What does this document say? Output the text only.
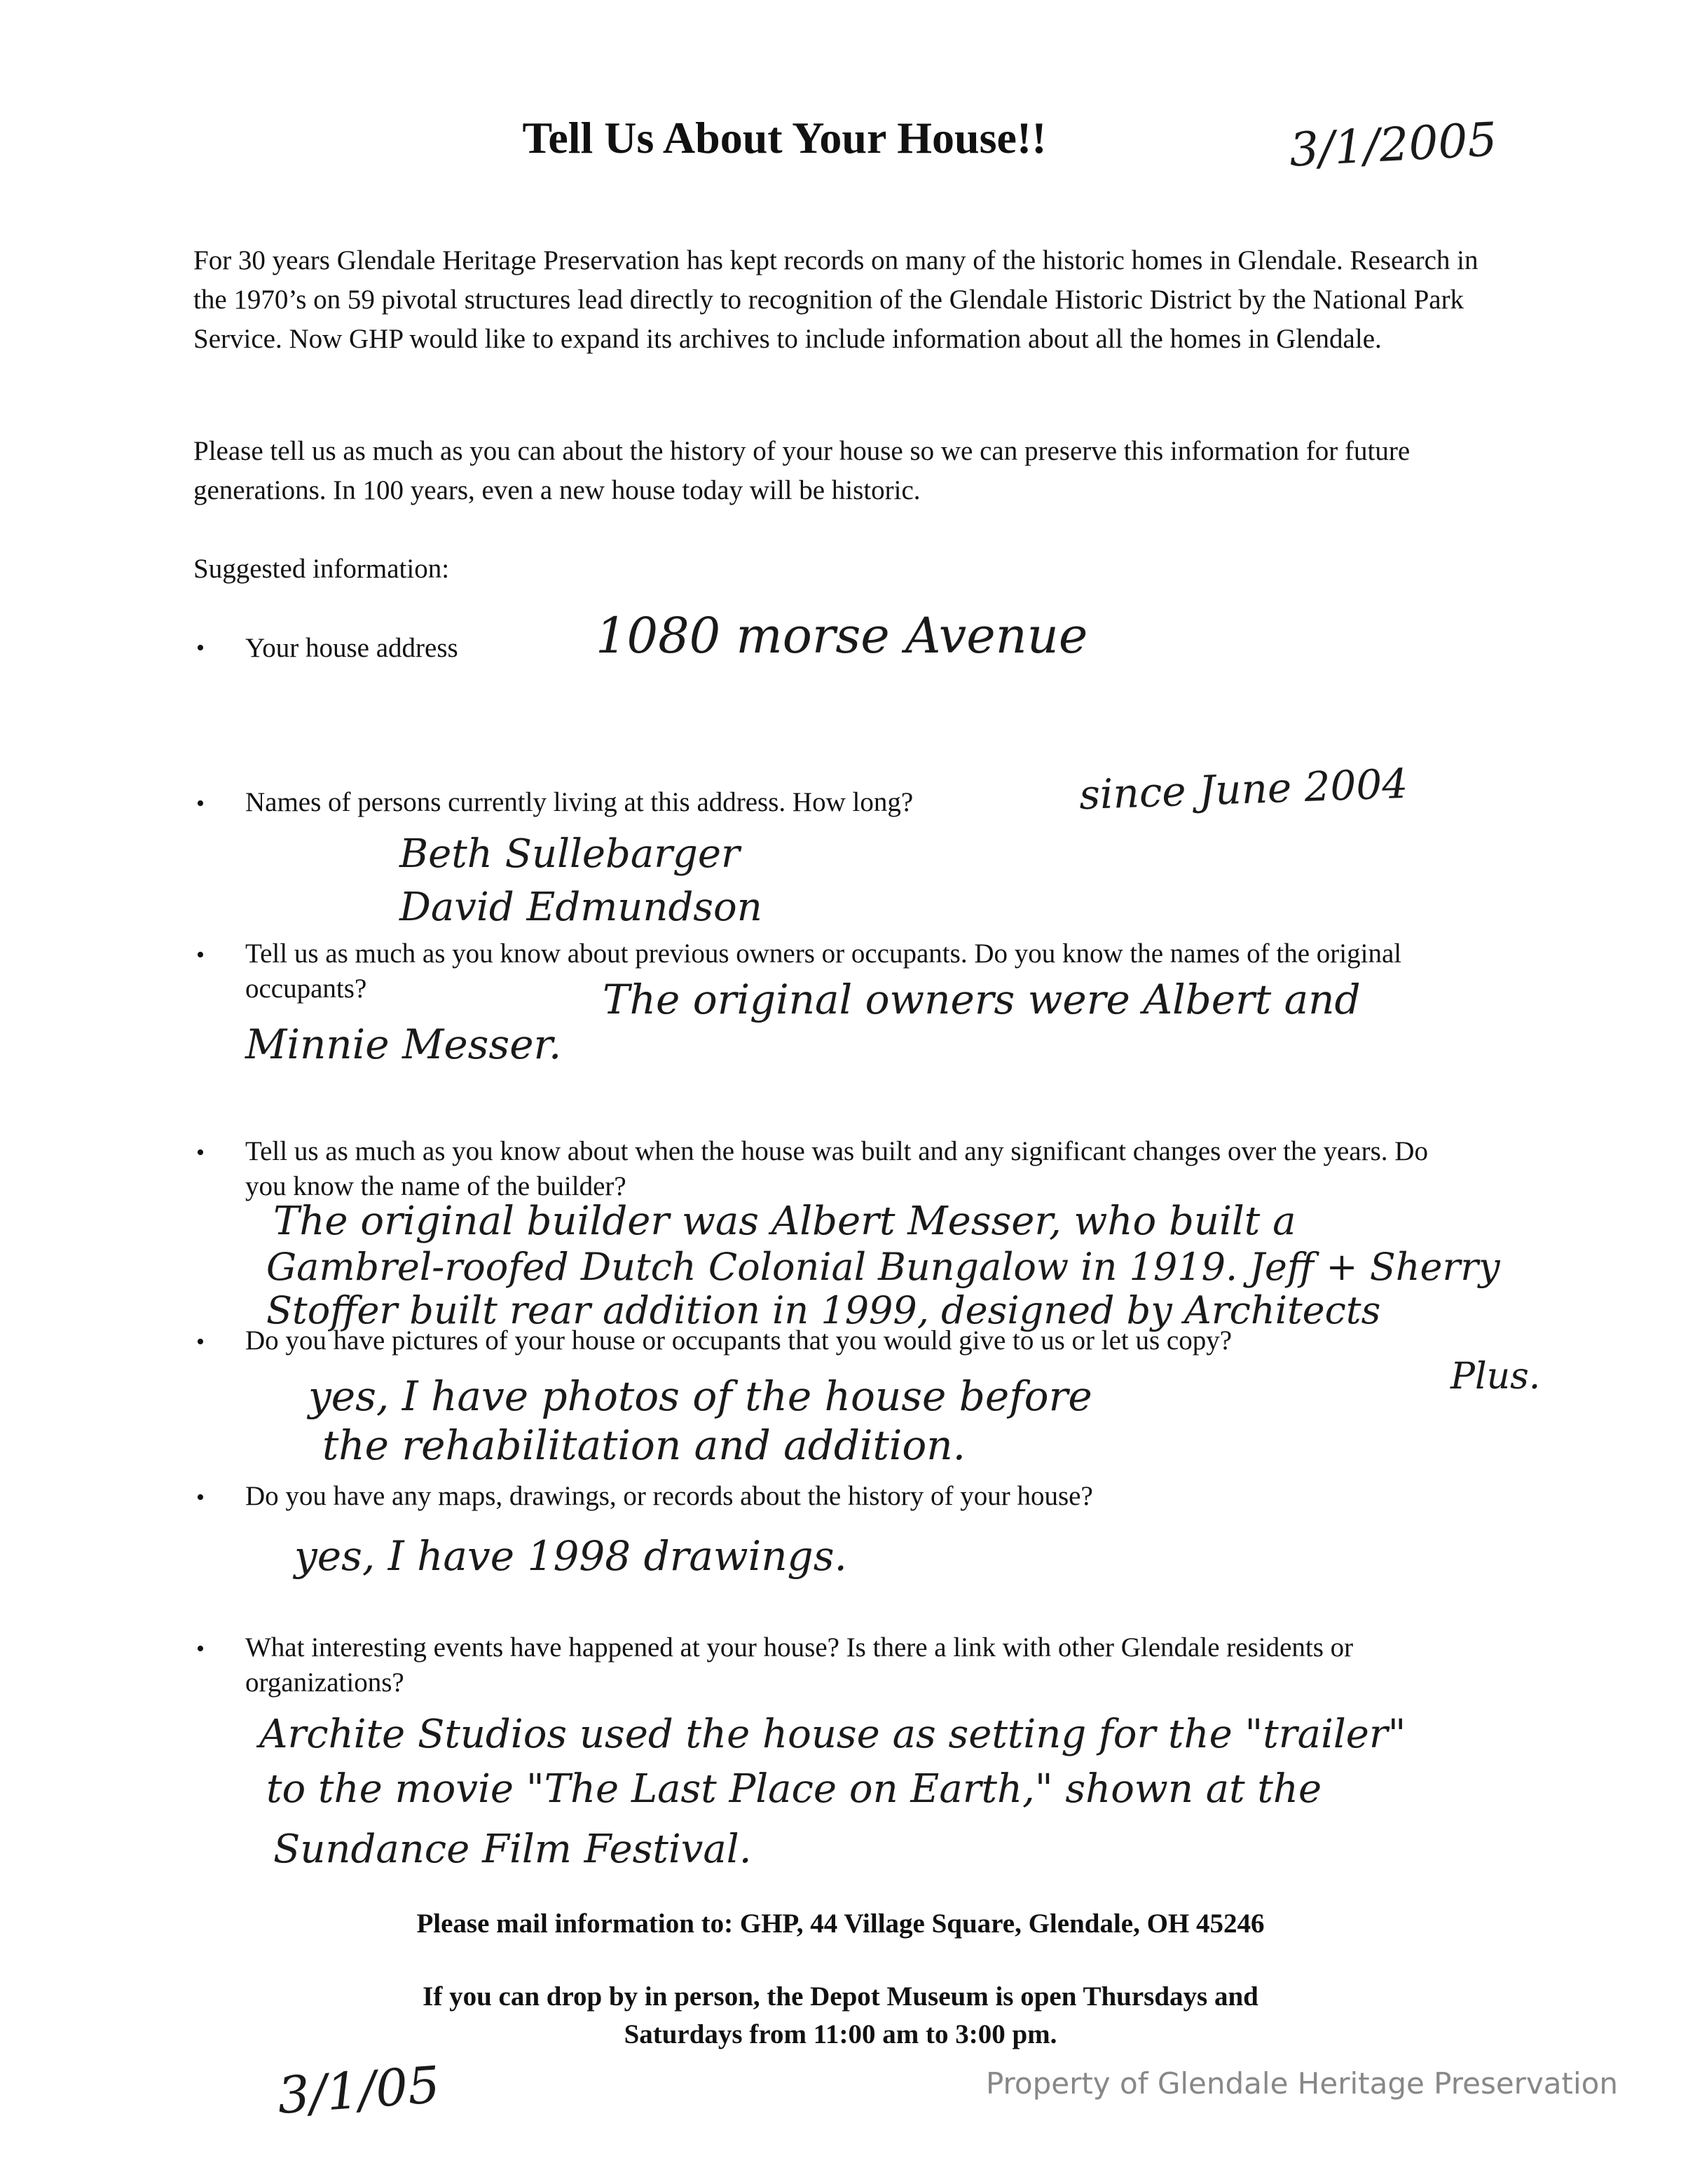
Tell Us About Your House!!	3/1/2005

For 30 years Glendale Heritage Preservation has kept records on many of the historic homes in Glendale. Research in the 1970’s on 59 pivotal structures lead directly to recognition of the Glendale Historic District by the National Park Service. Now GHP would like to expand its archives to include information about all the homes in Glendale.

Please tell us as much as you can about the history of your house so we can preserve this information for future generations. In 100 years, even a new house today will be historic.

Suggested information:
• Your house address	1080 morse Avenue
• Names of persons currently living at this address. How long?	since June 2004
Beth Sullebarger
David Edmundson
• Tell us as much as you know about previous owners or occupants. Do you know the names of the original occupants?	The original owners were Albert and
Minnie Messer.
• Tell us as much as you know about when the house was built and any significant changes over the years. Do you know the name of the builder?
The original builder was Albert Messer, who built a
Gambrel-roofed Dutch Colonial Bungalow in 1919. Jeff + Sherry
Stoffer built rear addition in 1999, designed by Architects
Plus.
• Do you have pictures of your house or occupants that you would give to us or let us copy?
yes, I have photos of the house before
the rehabilitation and addition.
• Do you have any maps, drawings, or records about the history of your house?
yes, I have 1998 drawings.
• What interesting events have happened at your house? Is there a link with other Glendale residents or organizations?
Archite Studios used the house as setting for the "trailer"
to the movie "The Last Place on Earth," shown at the
Sundance Film Festival.
Please mail information to: GHP, 44 Village Square, Glendale, OH 45246
If you can drop by in person, the Depot Museum is open Thursdays and
Saturdays from 11:00 am to 3:00 pm.
3/1/05	Property of Glendale Heritage Preservation
